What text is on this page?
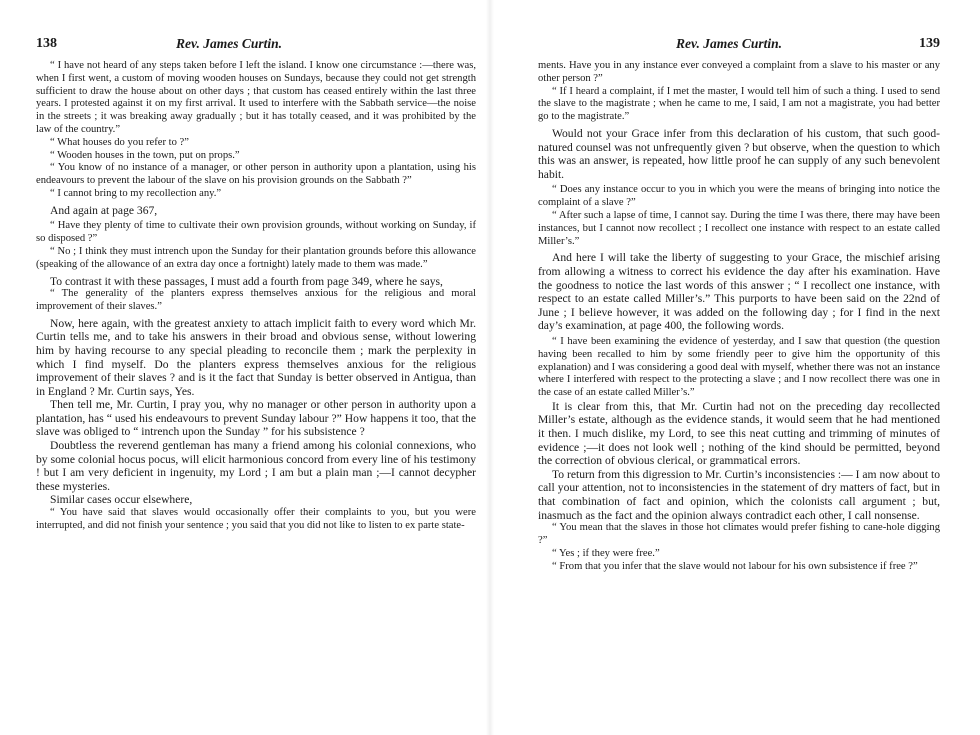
138	Rev. James Curtin.

“ I have not heard of any steps taken before I left the island. I know one circumstance :—there was, when I first went, a custom of moving wooden houses on Sundays, because they could not get strength sufficient to draw the house about on other days ; that custom has ceased entirely within the last three years. I protested against it on my first arrival. It used to interfere with the Sabbath service—the noise in the streets ; it was breaking away gradually ; but it has totally ceased, and it was prohibited by the law of the country.”

“ What houses do you refer to ?”

“ Wooden houses in the town, put on props.”

“ You know of no instance of a manager, or other person in authority upon a plantation, using his endeavours to prevent the labour of the slave on his provision grounds on the Sabbath ?”

“ I cannot bring to my recollection any.”

And again at page 367,

“ Have they plenty of time to cultivate their own provision grounds, without working on Sunday, if so disposed ?”

“ No ; I think they must intrench upon the Sunday for their plantation grounds before this allowance (speaking of the allowance of an extra day once a fortnight) lately made to them was made.”

To contrast it with these passages, I must add a fourth from page 349, where he says,

“ The generality of the planters express themselves anxious for the religious and moral improvement of their slaves.”

Now, here again, with the greatest anxiety to attach implicit faith to every word which Mr. Curtin tells me, and to take his answers in their broad and obvious sense, without lowering him by having recourse to any special pleading to reconcile them ; mark the perplexity in which I find myself. Do the planters express themselves anxious for the religious improvement of their slaves ? and is it the fact that Sunday is better observed in Antigua, than in England ? Mr. Curtin says, Yes.

Then tell me, Mr. Curtin, I pray you, why no manager or other person in authority upon a plantation, has “ used his endeavours to prevent Sunday labour ?” How happens it too, that the slave was obliged to “ intrench upon the Sunday ” for his subsistence ?

Doubtless the reverend gentleman has many a friend among his colonial connexions, who by some colonial hocus pocus, will elicit harmonious concord from every line of his testimony ! but I am very deficient in ingenuity, my Lord ; I am but a plain man ;—I cannot decypher these mysteries.

Similar cases occur elsewhere,

“ You have said that slaves would occasionally offer their complaints to you, but you were interrupted, and did not finish your sentence ; you said that you did not like to listen to ex parte state-

Rev. James Curtin.	139

ments. Have you in any instance ever conveyed a complaint from a slave to his master or any other person ?”

“ If I heard a complaint, if I met the master, I would tell him of such a thing. I used to send the slave to the magistrate ; when he came to me, I said, I am not a magistrate, you had better go to the magistrate.”

Would not your Grace infer from this declaration of his custom, that such good-natured counsel was not unfrequently given ? but observe, when the question to which this was an answer, is repeated, how little proof he can supply of any such benevolent habit.

“ Does any instance occur to you in which you were the means of bringing into notice the complaint of a slave ?”

“ After such a lapse of time, I cannot say. During the time I was there, there may have been instances, but I cannot now recollect ; I recollect one instance with respect to an estate called Miller’s.”

And here I will take the liberty of suggesting to your Grace, the mischief arising from allowing a witness to correct his evidence the day after his examination. Have the goodness to notice the last words of this answer ; “ I recollect one instance, with respect to an estate called Miller’s.” This purports to have been said on the 22nd of June ; I believe however, it was added on the following day ; for I find in the next day’s examination, at page 400, the following words.

“ I have been examining the evidence of yesterday, and I saw that question (the question having been recalled to him by some friendly peer to give him the opportunity of this explanation) and I was considering a good deal with myself, whether there was not an instance where I interfered with respect to the protecting a slave ; and I now recollect there was one in the case of an estate called Miller’s.”

It is clear from this, that Mr. Curtin had not on the preceding day recollected Miller’s estate, although as the evidence stands, it would seem that he had mentioned it then. I much dislike, my Lord, to see this neat cutting and trimming of minutes of evidence ;—it does not look well ; nothing of the kind should be permitted, beyond the correction of obvious clerical, or grammatical errors.

To return from this digression to Mr. Curtin’s inconsistencies :— I am now about to call your attention, not to inconsistencies in the statement of dry matters of fact, but in that combination of fact and opinion, which the colonists call argument ; but, inasmuch as the fact and the opinion always contradict each other, I call nonsense.

“ You mean that the slaves in those hot climates would prefer fishing to cane-hole digging ?”

“ Yes ; if they were free.”

“ From that you infer that the slave would not labour for his own subsistence if free ?”
